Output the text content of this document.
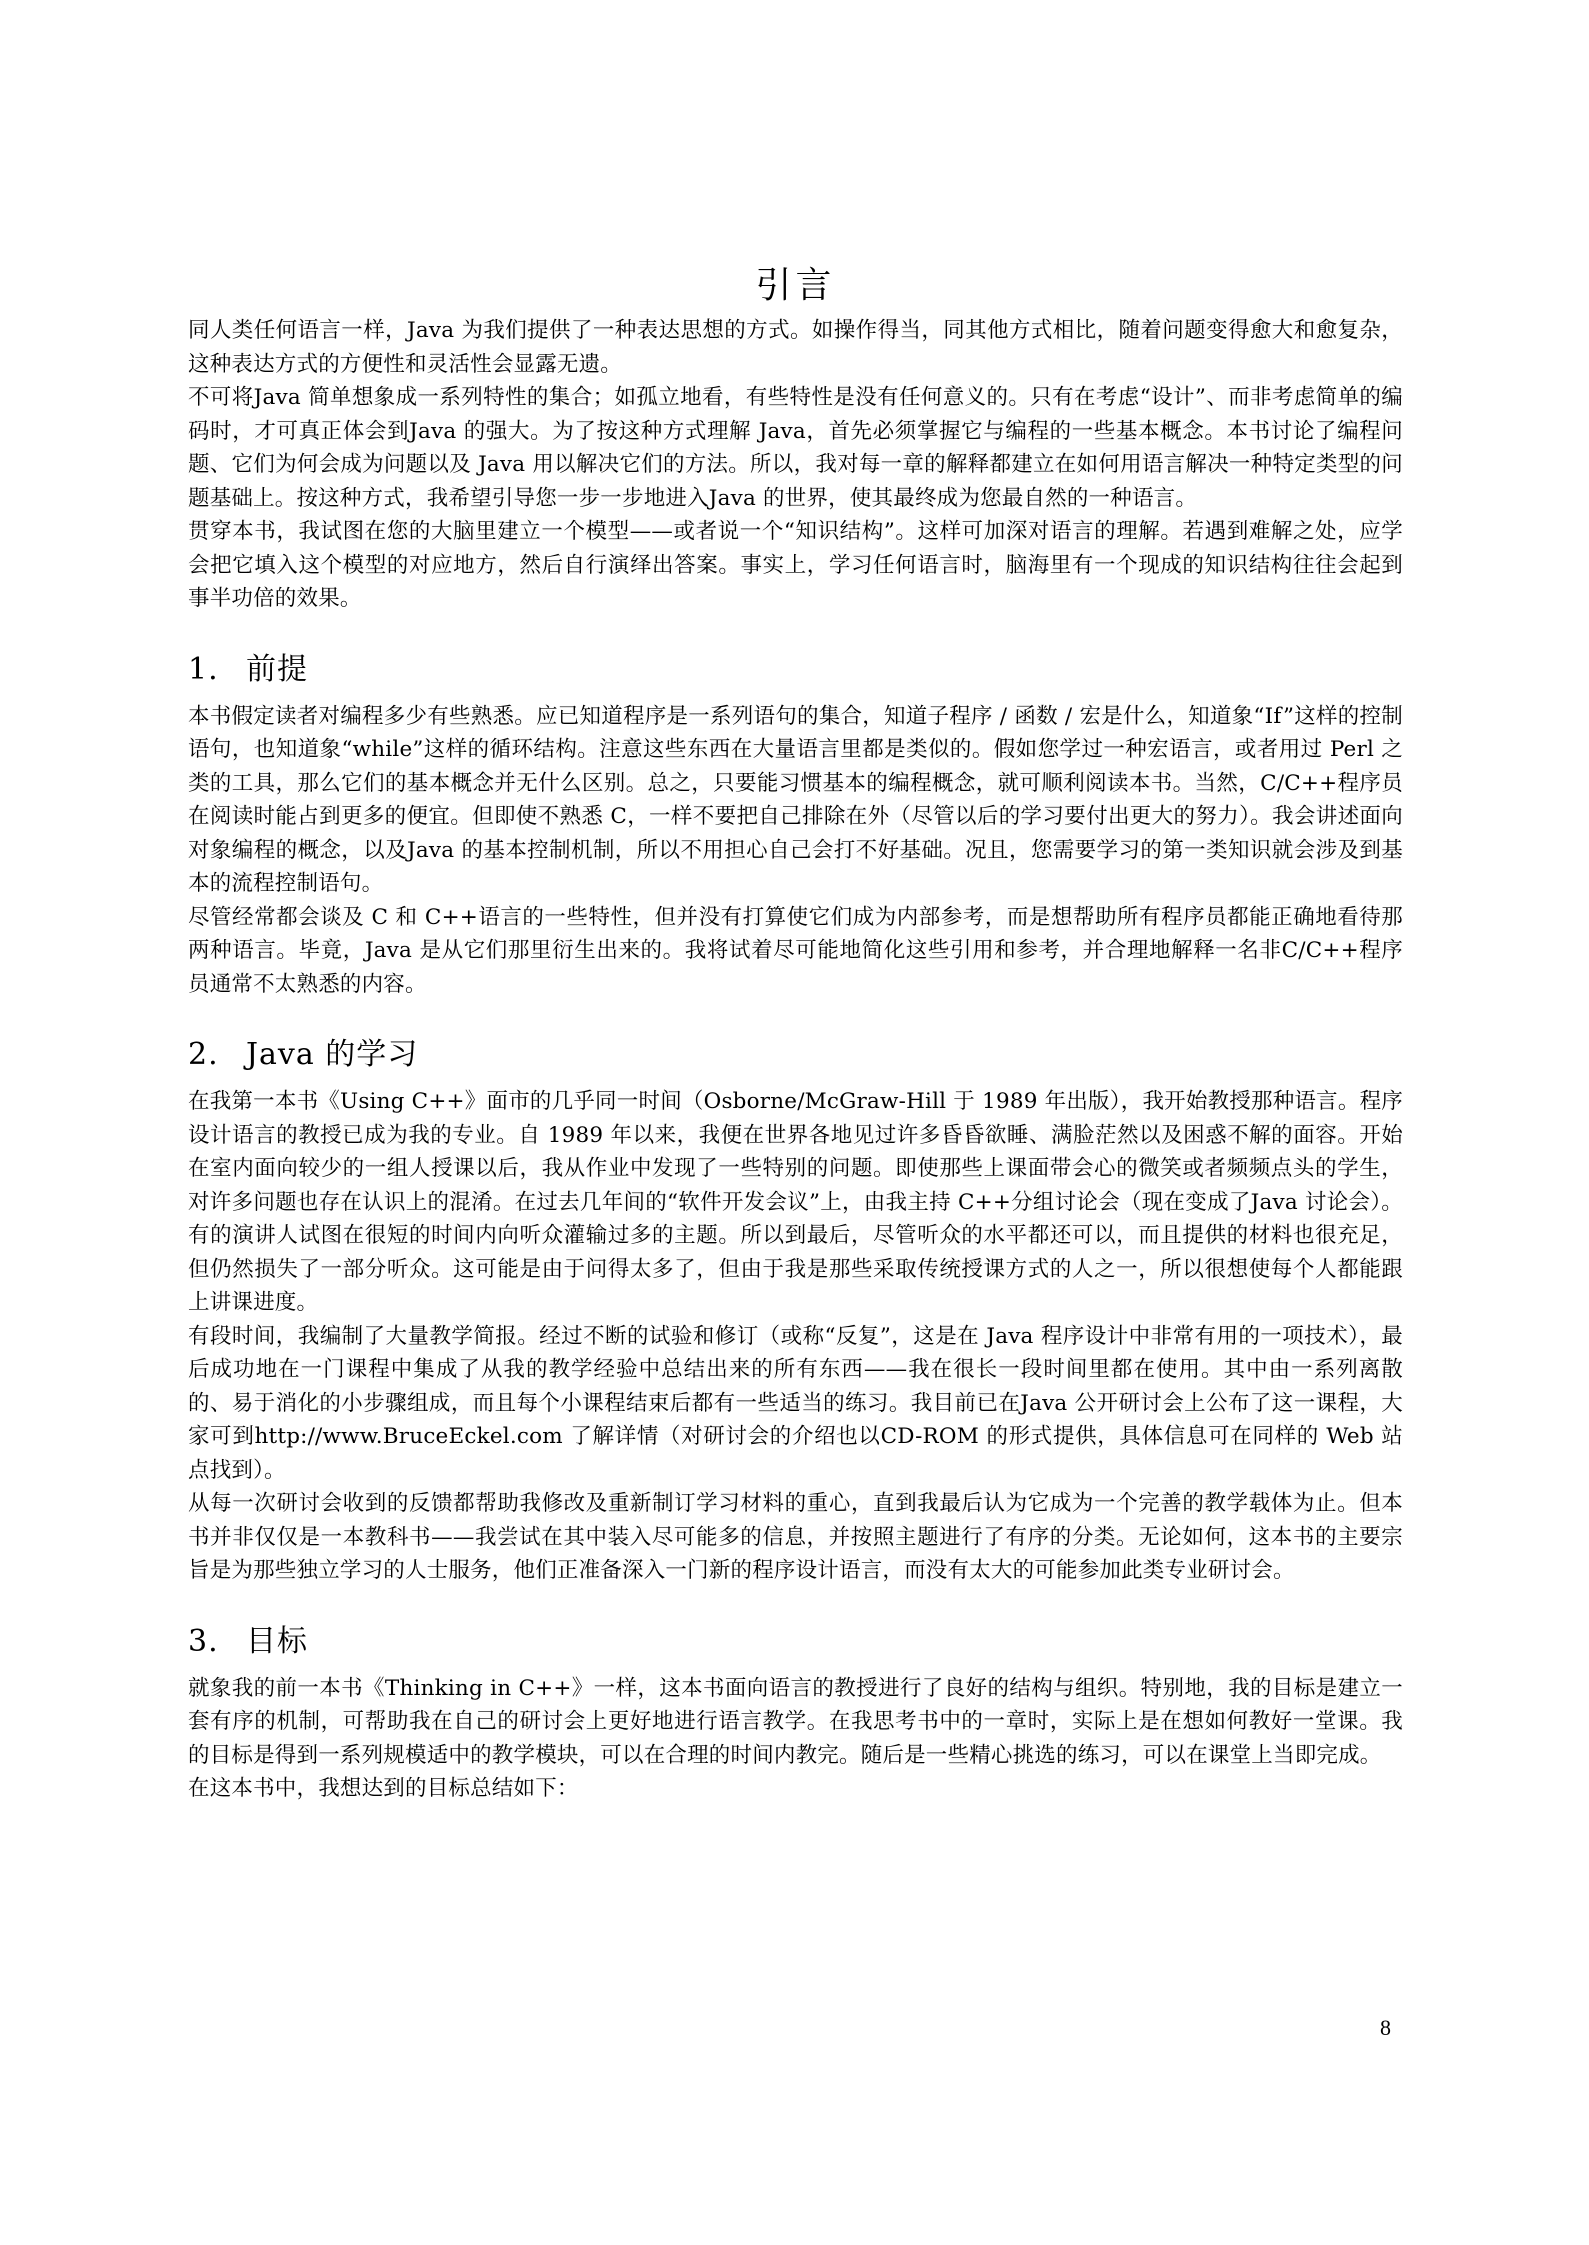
引言

同人类任何语言一样，Java 为我们提供了一种表达思想的方式。如操作得当，同其他方式相比，随着问题变得愈大和愈复杂，这种表达方式的方便性和灵活性会显露无遗。

不可将Java 简单想象成一系列特性的集合；如孤立地看，有些特性是没有任何意义的。只有在考虑“设计”、而非考虑简单的编码时，才可真正体会到Java 的强大。为了按这种方式理解 Java，首先必须掌握它与编程的一些基本概念。本书讨论了编程问题、它们为何会成为问题以及 Java 用以解决它们的方法。所以，我对每一章的解释都建立在如何用语言解决一种特定类型的问题基础上。按这种方式，我希望引导您一步一步地进入Java 的世界，使其最终成为您最自然的一种语言。

贯穿本书，我试图在您的大脑里建立一个模型——或者说一个“知识结构”。这样可加深对语言的理解。若遇到难解之处，应学会把它填入这个模型的对应地方，然后自行演绎出答案。事实上，学习任何语言时，脑海里有一个现成的知识结构往往会起到事半功倍的效果。

1. 前提

本书假定读者对编程多少有些熟悉。应已知道程序是一系列语句的集合，知道子程序 / 函数 / 宏是什么，知道象“If”这样的控制语句，也知道象“while”这样的循环结构。注意这些东西在大量语言里都是类似的。假如您学过一种宏语言，或者用过 Perl 之类的工具，那么它们的基本概念并无什么区别。总之，只要能习惯基本的编程概念，就可顺利阅读本书。当然，C/C++程序员在阅读时能占到更多的便宜。但即使不熟悉 C，一样不要把自己排除在外（尽管以后的学习要付出更大的努力）。我会讲述面向对象编程的概念，以及Java 的基本控制机制，所以不用担心自己会打不好基础。况且，您需要学习的第一类知识就会涉及到基本的流程控制语句。

尽管经常都会谈及 C 和 C++语言的一些特性，但并没有打算使它们成为内部参考，而是想帮助所有程序员都能正确地看待那两种语言。毕竟，Java 是从它们那里衍生出来的。我将试着尽可能地简化这些引用和参考，并合理地解释一名非C/C++程序员通常不太熟悉的内容。

2. Java 的学习

在我第一本书《Using C++》面市的几乎同一时间（Osborne/McGraw-Hill 于 1989 年出版），我开始教授那种语言。程序设计语言的教授已成为我的专业。自 1989 年以来，我便在世界各地见过许多昏昏欲睡、满脸茫然以及困惑不解的面容。开始在室内面向较少的一组人授课以后，我从作业中发现了一些特别的问题。即使那些上课面带会心的微笑或者频频点头的学生，对许多问题也存在认识上的混淆。在过去几年间的“软件开发会议”上，由我主持 C++分组讨论会（现在变成了Java 讨论会）。有的演讲人试图在很短的时间内向听众灌输过多的主题。所以到最后，尽管听众的水平都还可以，而且提供的材料也很充足，但仍然损失了一部分听众。这可能是由于问得太多了，但由于我是那些采取传统授课方式的人之一，所以很想使每个人都能跟上讲课进度。

有段时间，我编制了大量教学简报。经过不断的试验和修订（或称“反复”，这是在 Java 程序设计中非常有用的一项技术），最后成功地在一门课程中集成了从我的教学经验中总结出来的所有东西——我在很长一段时间里都在使用。其中由一系列离散的、易于消化的小步骤组成，而且每个小课程结束后都有一些适当的练习。我目前已在Java 公开研讨会上公布了这一课程，大家可到http://www.BruceEckel.com 了解详情（对研讨会的介绍也以CD-ROM 的形式提供，具体信息可在同样的 Web 站点找到）。

从每一次研讨会收到的反馈都帮助我修改及重新制订学习材料的重心，直到我最后认为它成为一个完善的教学载体为止。但本书并非仅仅是一本教科书——我尝试在其中装入尽可能多的信息，并按照主题进行了有序的分类。无论如何，这本书的主要宗旨是为那些独立学习的人士服务，他们正准备深入一门新的程序设计语言，而没有太大的可能参加此类专业研讨会。

3. 目标

就象我的前一本书《Thinking in C++》一样，这本书面向语言的教授进行了良好的结构与组织。特别地，我的目标是建立一套有序的机制，可帮助我在自己的研讨会上更好地进行语言教学。在我思考书中的一章时，实际上是在想如何教好一堂课。我的目标是得到一系列规模适中的教学模块，可以在合理的时间内教完。随后是一些精心挑选的练习，可以在课堂上当即完成。

在这本书中，我想达到的目标总结如下：

8
